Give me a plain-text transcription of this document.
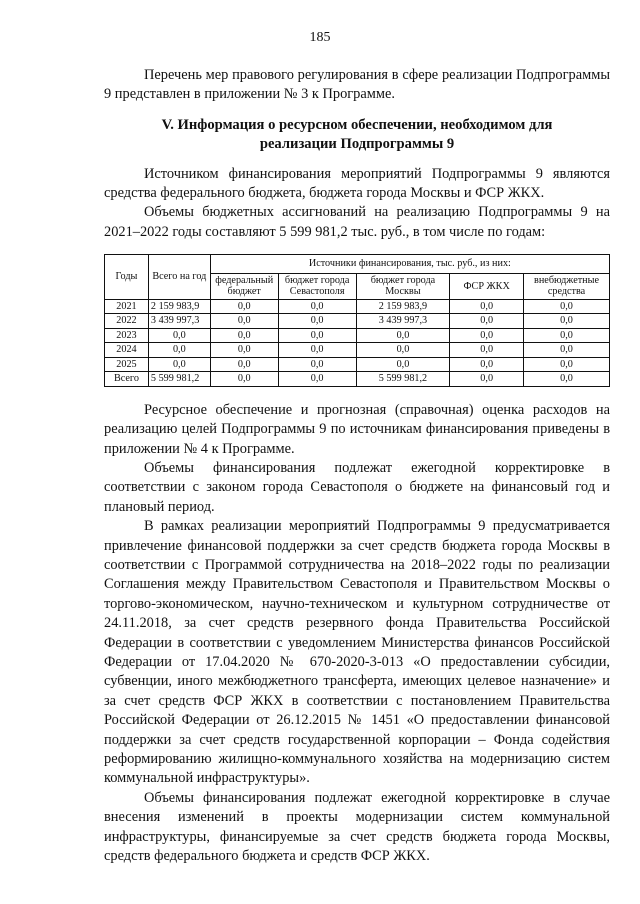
185

Перечень мер правового регулирования в сфере реализации Подпрограммы 9 представлен в приложении № 3 к Программе.

V. Информация о ресурсном обеспечении, необходимом для
реализации Подпрограммы 9

Источником финансирования мероприятий Подпрограммы 9 являются средства федерального бюджета, бюджета города Москвы и ФСР ЖКХ.

Объемы бюджетных ассигнований на реализацию Подпрограммы 9 на 2021–2022 годы составляют 5 599 981,2 тыс. руб., в том числе по годам:

Годы	Всего на год	Источники финансирования, тыс. руб., из них:				
		федеральный бюджет	бюджет города Севастополя	бюджет города Москвы	ФСР ЖКХ	внебюджетные средства
2021	2 159 983,9	0,0	0,0	2 159 983,9	0,0	0,0
2022	3 439 997,3	0,0	0,0	3 439 997,3	0,0	0,0
2023	0,0	0,0	0,0	0,0	0,0	0,0
2024	0,0	0,0	0,0	0,0	0,0	0,0
2025	0,0	0,0	0,0	0,0	0,0	0,0
Всего	5 599 981,2	0,0	0,0	5 599 981,2	0,0	0,0

Ресурсное обеспечение и прогнозная (справочная) оценка расходов на реализацию целей Подпрограммы 9 по источникам финансирования приведены в приложении № 4 к Программе.

Объемы финансирования подлежат ежегодной корректировке в соответствии с законом города Севастополя о бюджете на финансовый год и плановый период.

В рамках реализации мероприятий Подпрограммы 9 предусматривается привлечение финансовой поддержки за счет средств бюджета города Москвы в соответствии с Программой сотрудничества на 2018–2022 годы по реализации Соглашения между Правительством Севастополя и Правительством Москвы о торгово-экономическом, научно-техническом и культурном сотрудничестве от 24.11.2018, за счет средств резервного фонда Правительства Российской Федерации в соответствии с уведомлением Министерства финансов Российской Федерации от 17.04.2020 № 670-2020-3-013 «О предоставлении субсидии, субвенции, иного межбюджетного трансферта, имеющих целевое назначение» и за счет средств ФСР ЖКХ в соответствии с постановлением Правительства Российской Федерации от 26.12.2015 № 1451 «О предоставлении финансовой поддержки за счет средств государственной корпорации – Фонда содействия реформированию жилищно-коммунального хозяйства на модернизацию систем коммунальной инфраструктуры».

Объемы финансирования подлежат ежегодной корректировке в случае внесения изменений в проекты модернизации систем коммунальной инфраструктуры, финансируемые за счет средств бюджета города Москвы, средств федерального бюджета и средств ФСР ЖКХ.
